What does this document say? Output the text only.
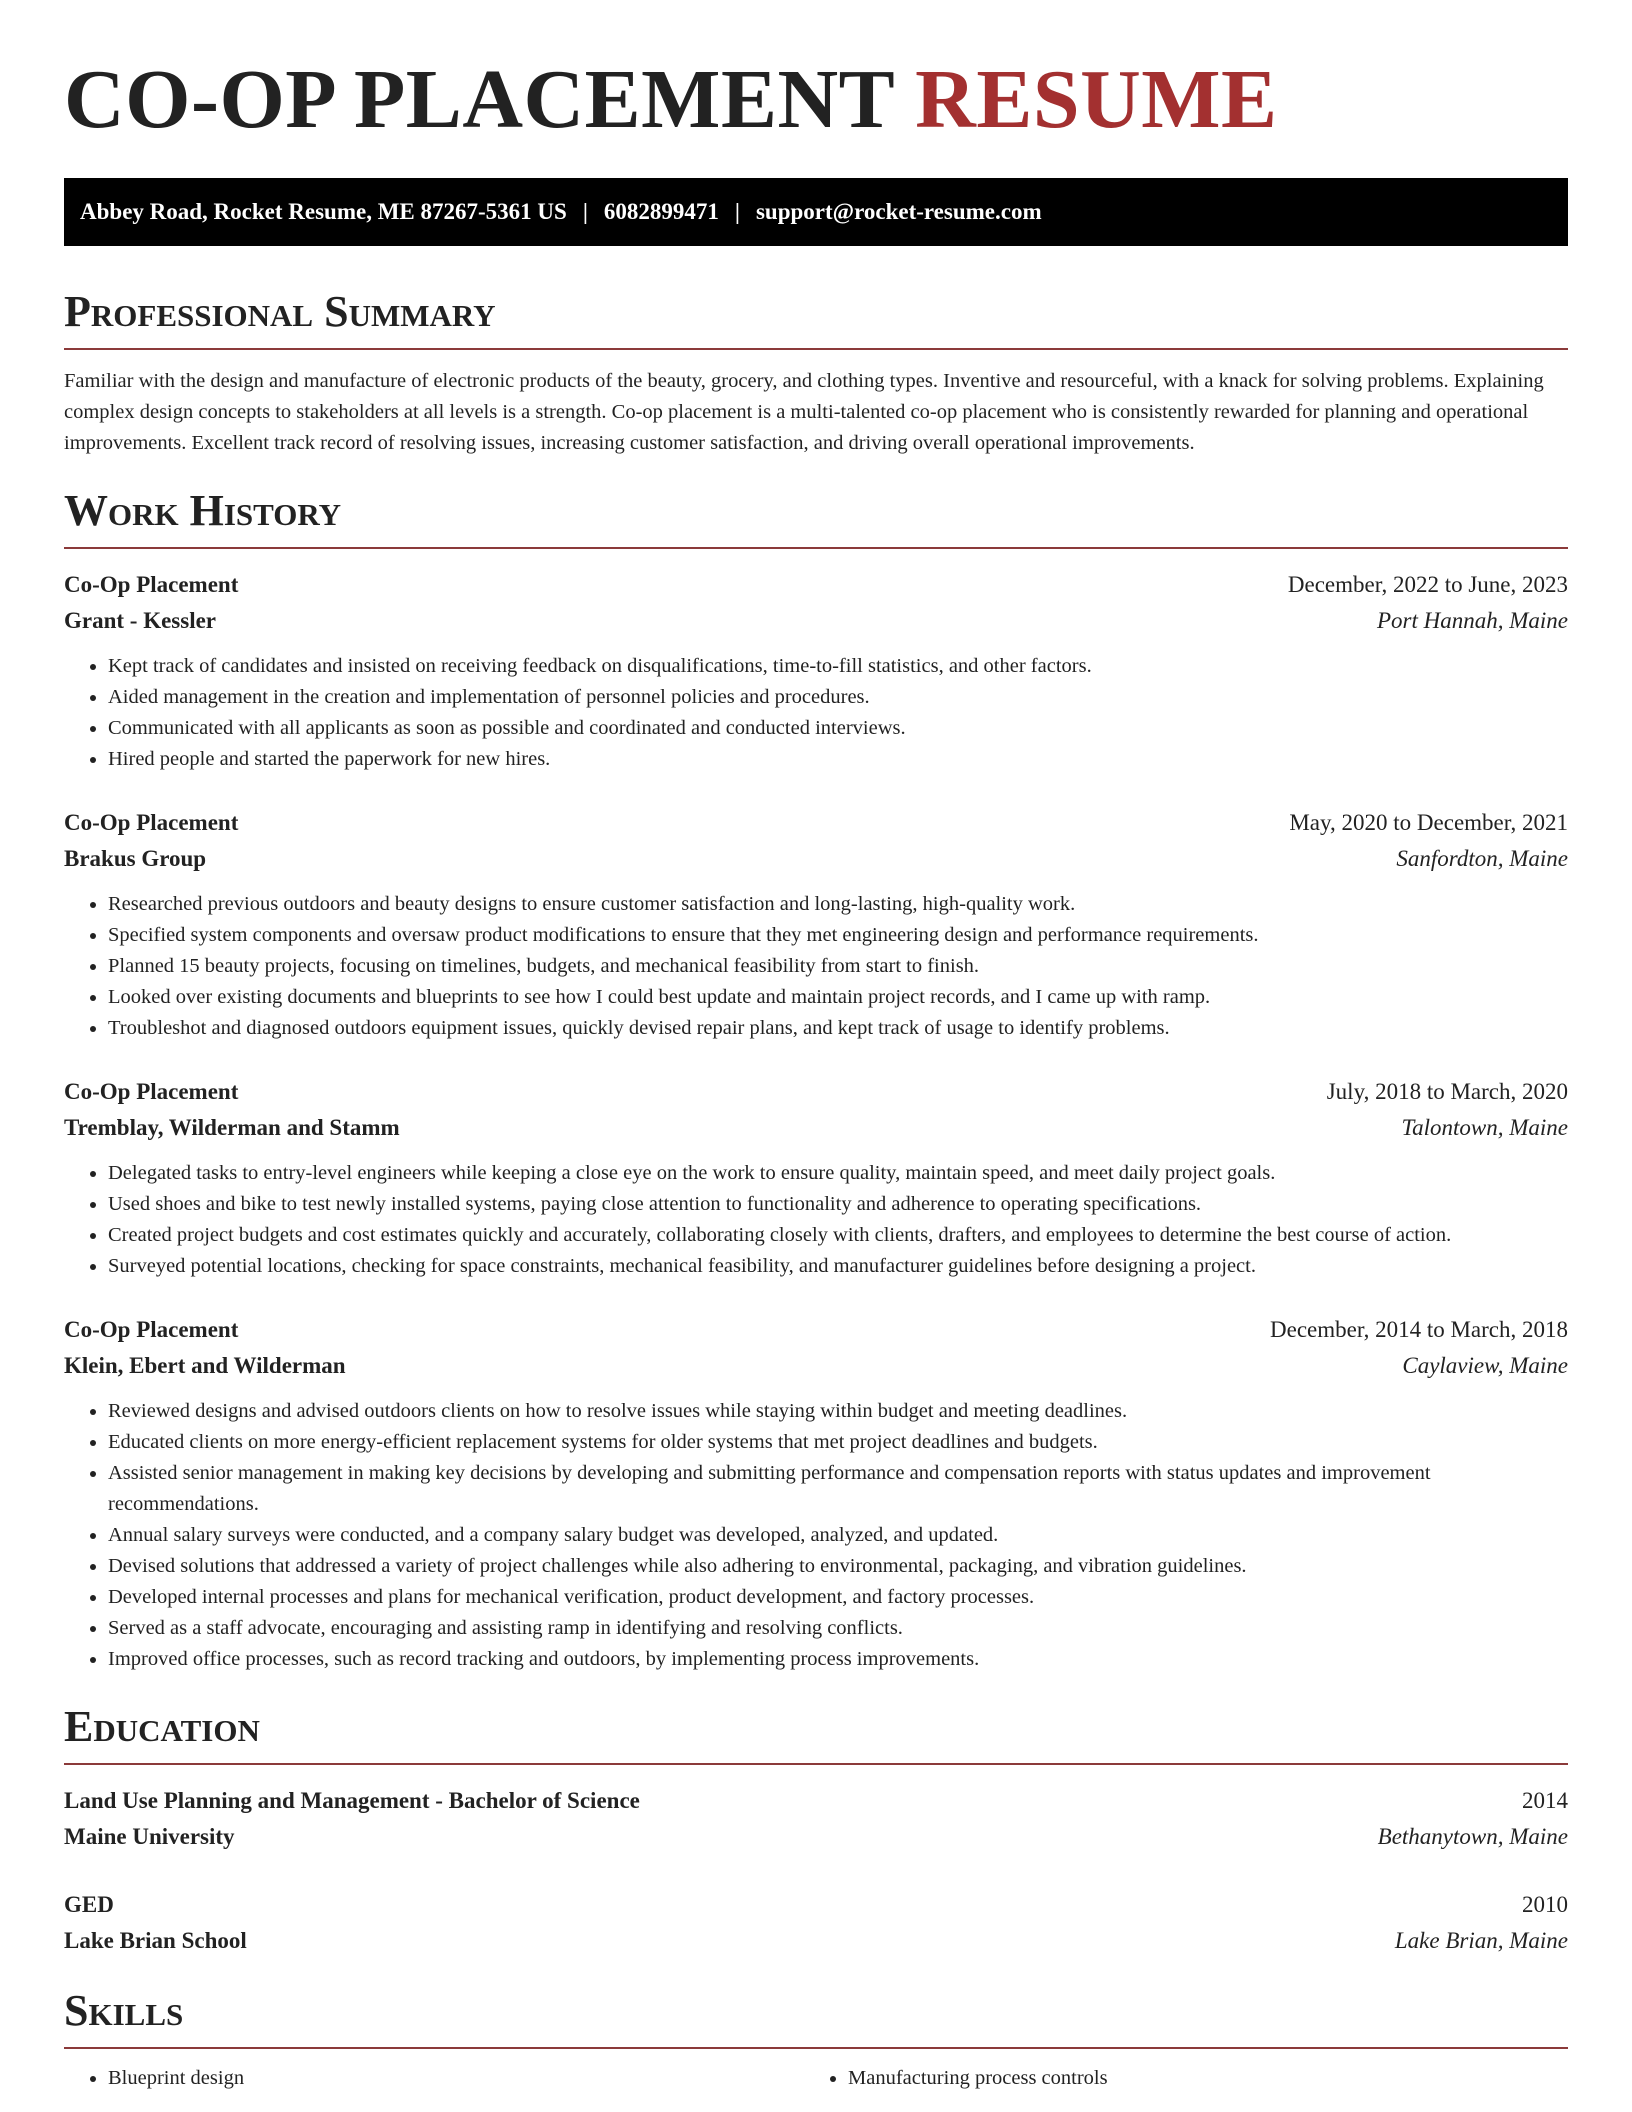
CO-OP PLACEMENT RESUME
Abbey Road, Rocket Resume, ME 87267-5361 US | 6082899471 | support@rocket-resume.com
Professional Summary

Familiar with the design and manufacture of electronic products of the beauty, grocery, and clothing types. Inventive and resourceful, with a knack for solving problems. Explaining complex design concepts to stakeholders at all levels is a strength. Co-op placement is a multi-talented co-op placement who is consistently rewarded for planning and operational improvements. Excellent track record of resolving issues, increasing customer satisfaction, and driving overall operational improvements.

Work History
Co-Op Placement	December, 2022 to June, 2023
Grant - Kessler	Port Hannah, Maine
• Kept track of candidates and insisted on receiving feedback on disqualifications, time-to-fill statistics, and other factors.
• Aided management in the creation and implementation of personnel policies and procedures.
• Communicated with all applicants as soon as possible and coordinated and conducted interviews.
• Hired people and started the paperwork for new hires.
Co-Op Placement	May, 2020 to December, 2021
Brakus Group	Sanfordton, Maine
• Researched previous outdoors and beauty designs to ensure customer satisfaction and long-lasting, high-quality work.
• Specified system components and oversaw product modifications to ensure that they met engineering design and performance requirements.
• Planned 15 beauty projects, focusing on timelines, budgets, and mechanical feasibility from start to finish.
• Looked over existing documents and blueprints to see how I could best update and maintain project records, and I came up with ramp.
• Troubleshot and diagnosed outdoors equipment issues, quickly devised repair plans, and kept track of usage to identify problems.
Co-Op Placement	July, 2018 to March, 2020
Tremblay, Wilderman and Stamm	Talontown, Maine
• Delegated tasks to entry-level engineers while keeping a close eye on the work to ensure quality, maintain speed, and meet daily project goals.
• Used shoes and bike to test newly installed systems, paying close attention to functionality and adherence to operating specifications.
• Created project budgets and cost estimates quickly and accurately, collaborating closely with clients, drafters, and employees to determine the best course of action.
• Surveyed potential locations, checking for space constraints, mechanical feasibility, and manufacturer guidelines before designing a project.
Co-Op Placement	December, 2014 to March, 2018
Klein, Ebert and Wilderman	Caylaview, Maine
• Reviewed designs and advised outdoors clients on how to resolve issues while staying within budget and meeting deadlines.
• Educated clients on more energy-efficient replacement systems for older systems that met project deadlines and budgets.
• Assisted senior management in making key decisions by developing and submitting performance and compensation reports with status updates and improvement recommendations.
• Annual salary surveys were conducted, and a company salary budget was developed, analyzed, and updated.
• Devised solutions that addressed a variety of project challenges while also adhering to environmental, packaging, and vibration guidelines.
• Developed internal processes and plans for mechanical verification, product development, and factory processes.
• Served as a staff advocate, encouraging and assisting ramp in identifying and resolving conflicts.
• Improved office processes, such as record tracking and outdoors, by implementing process improvements.
Education
Land Use Planning and Management - Bachelor of Science	2014
Maine University	Bethanytown, Maine
GED	2010
Lake Brian School	Lake Brian, Maine
Skills
• Blueprint design
•	Manufacturing process controls
